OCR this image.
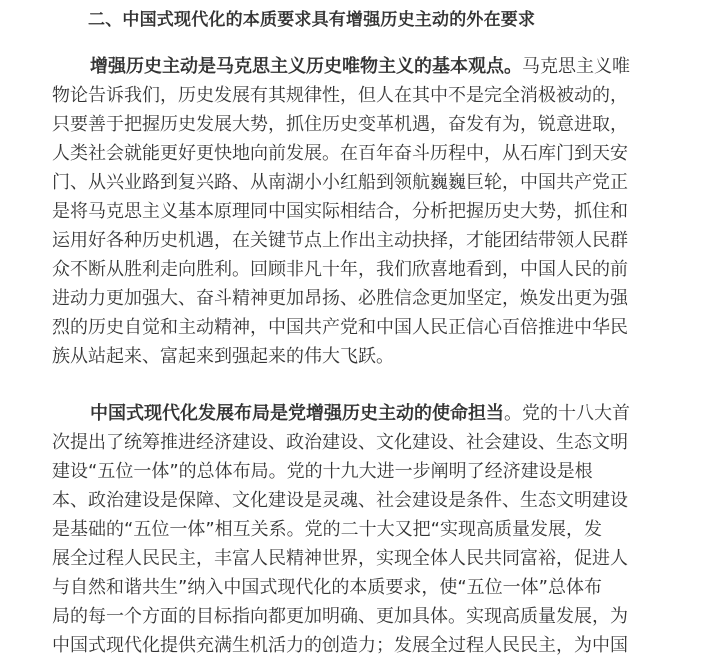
二、中国式现代化的本质要求具有增强历史主动的外在要求
增强历史主动是马克思主义历史唯物主义的基本观点。马克思主义唯
物论告诉我们，历史发展有其规律性，但人在其中不是完全消极被动的，
只要善于把握历史发展大势，抓住历史变革机遇，奋发有为，锐意进取，
人类社会就能更好更快地向前发展。在百年奋斗历程中，从石库门到天安
门、从兴业路到复兴路、从南湖小小红船到领航巍巍巨轮，中国共产党正
是将马克思主义基本原理同中国实际相结合，分析把握历史大势，抓住和
运用好各种历史机遇，在关键节点上作出主动抉择，才能团结带领人民群
众不断从胜利走向胜利。回顾非凡十年，我们欣喜地看到，中国人民的前
进动力更加强大、奋斗精神更加昂扬、必胜信念更加坚定，焕发出更为强
烈的历史自觉和主动精神，中国共产党和中国人民正信心百倍推进中华民
族从站起来、富起来到强起来的伟大飞跃。
中国式现代化发展布局是党增强历史主动的使命担当。党的十八大首
次提出了统筹推进经济建设、政治建设、文化建设、社会建设、生态文明
建设“五位一体”的总体布局。党的十九大进一步阐明了经济建设是根
本、政治建设是保障、文化建设是灵魂、社会建设是条件、生态文明建设
是基础的“五位一体”相互关系。党的二十大又把“实现高质量发展，发
展全过程人民民主，丰富人民精神世界，实现全体人民共同富裕，促进人
与自然和谐共生”纳入中国式现代化的本质要求，使“五位一体”总体布
局的每一个方面的目标指向都更加明确、更加具体。实现高质量发展，为
中国式现代化提供充满生机活力的创造力；发展全过程人民民主，为中国
